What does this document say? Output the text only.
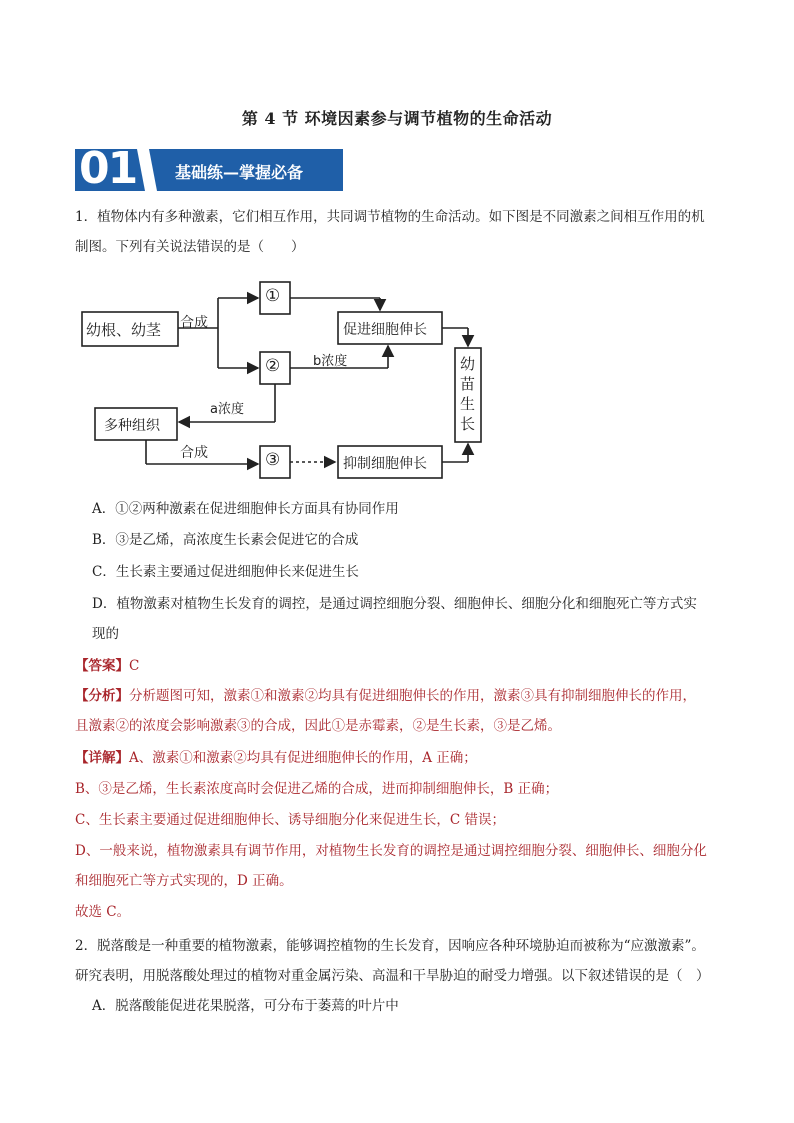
第 4 节 环境因素参与调节植物的生命活动
01 基础练—掌握必备
1．植物体内有多种激素，它们相互作用，共同调节植物的生命活动。如下图是不同激素之间相互作用的机
制图。下列有关说法错误的是（　　）
幼根、幼茎 合成
①
②	b浓度
促进细胞伸长
幼
苗
生
长
a浓度
多种组织
合成	③	抑制细胞伸长
A．①②两种激素在促进细胞伸长方面具有协同作用
B．③是乙烯，高浓度生长素会促进它的合成
C．生长素主要通过促进细胞伸长来促进生长
D．植物激素对植物生长发育的调控，是通过调控细胞分裂、细胞伸长、细胞分化和细胞死亡等方式实
现的
【答案】C
【分析】分析题图可知，激素①和激素②均具有促进细胞伸长的作用，激素③具有抑制细胞伸长的作用，
且激素②的浓度会影响激素③的合成，因此①是赤霉素，②是生长素，③是乙烯。
【详解】A、激素①和激素②均具有促进细胞伸长的作用，A 正确；
B、③是乙烯，生长素浓度高时会促进乙烯的合成，进而抑制细胞伸长，B 正确；
C、生长素主要通过促进细胞伸长、诱导细胞分化来促进生长，C 错误；
D、一般来说，植物激素具有调节作用，对植物生长发育的调控是通过调控细胞分裂、细胞伸长、细胞分化
和细胞死亡等方式实现的，D 正确。
故选 C。
2．脱落酸是一种重要的植物激素，能够调控植物的生长发育，因响应各种环境胁迫而被称为“应激激素”。
研究表明，用脱落酸处理过的植物对重金属污染、高温和干旱胁迫的耐受力增强。以下叙述错误的是（　）
A．脱落酸能促进花果脱落，可分布于萎蔫的叶片中
